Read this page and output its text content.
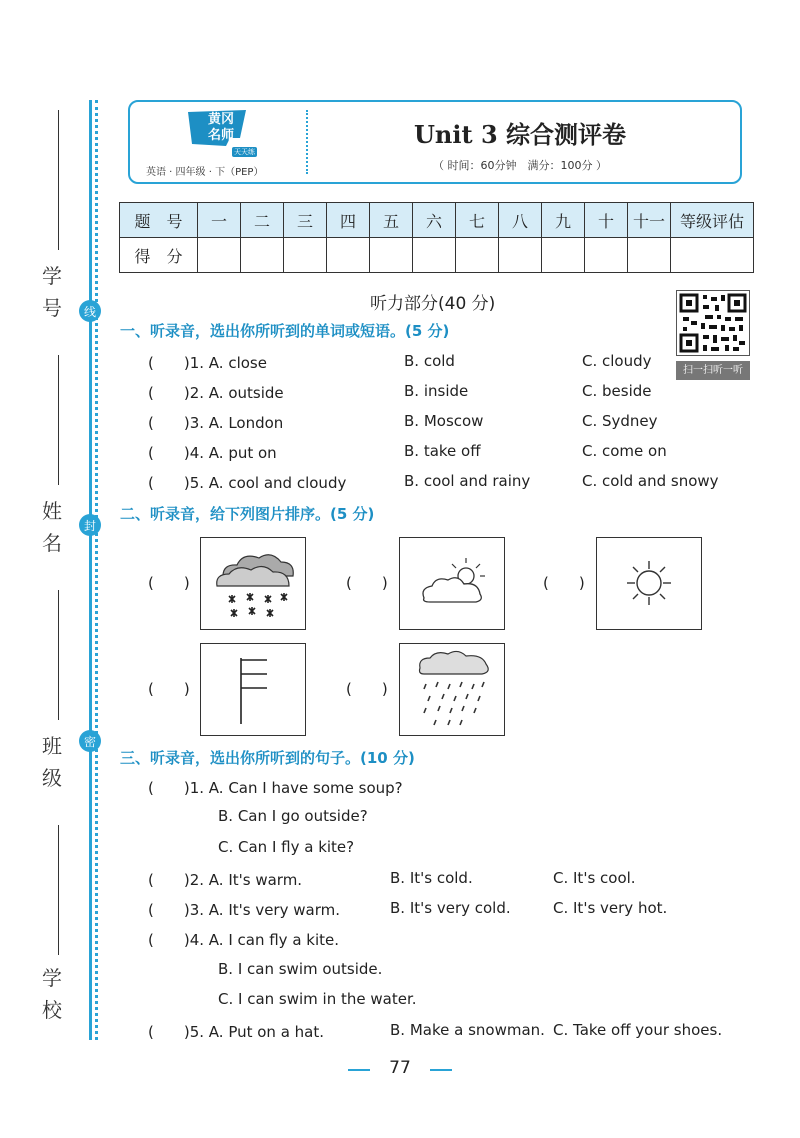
线
封
密
学
号
姓
名
班
级
学
校
黄冈
名师
天天练
英语 · 四年级 · 下（PEP）
Unit 3 综合测评卷
（ 时间：60分钟　满分：100分 ）
题　号	一	二	三	四	五	六	七	八	九	十	十一	等级评估
得　分												
听力部分(40 分)
扫一扫听一听
一、听录音，选出你所听到的单词或短语。(5 分)
(　　)1. A. close	B. cold	C. cloudy
(　　)2. A. outside	B. inside	C. beside
(　　)3. A. London	B. Moscow	C. Sydney
(　　)4. A. put on	B. take off	C. come on
(　　)5. A. cool and cloudy	B. cool and rainy	C. cold and snowy
二、听录音，给下列图片排序。(5 分)
(　　)	(　　)	(　　)
(　　)	(　　)
三、听录音，选出你所听到的句子。(10 分)
(　　)1. A. Can I have some soup?
B. Can I go outside?
C. Can I fly a kite?
(　　)2. A. It's warm.	B. It's cold.	C. It's cool.
(　　)3. A. It's very warm.	B. It's very cold.	C. It's very hot.
(　　)4. A. I can fly a kite.
B. I can swim outside.
C. I can swim in the water.
(　　)5. A. Put on a hat.	B. Make a snowman. C. Take off your shoes.
77
